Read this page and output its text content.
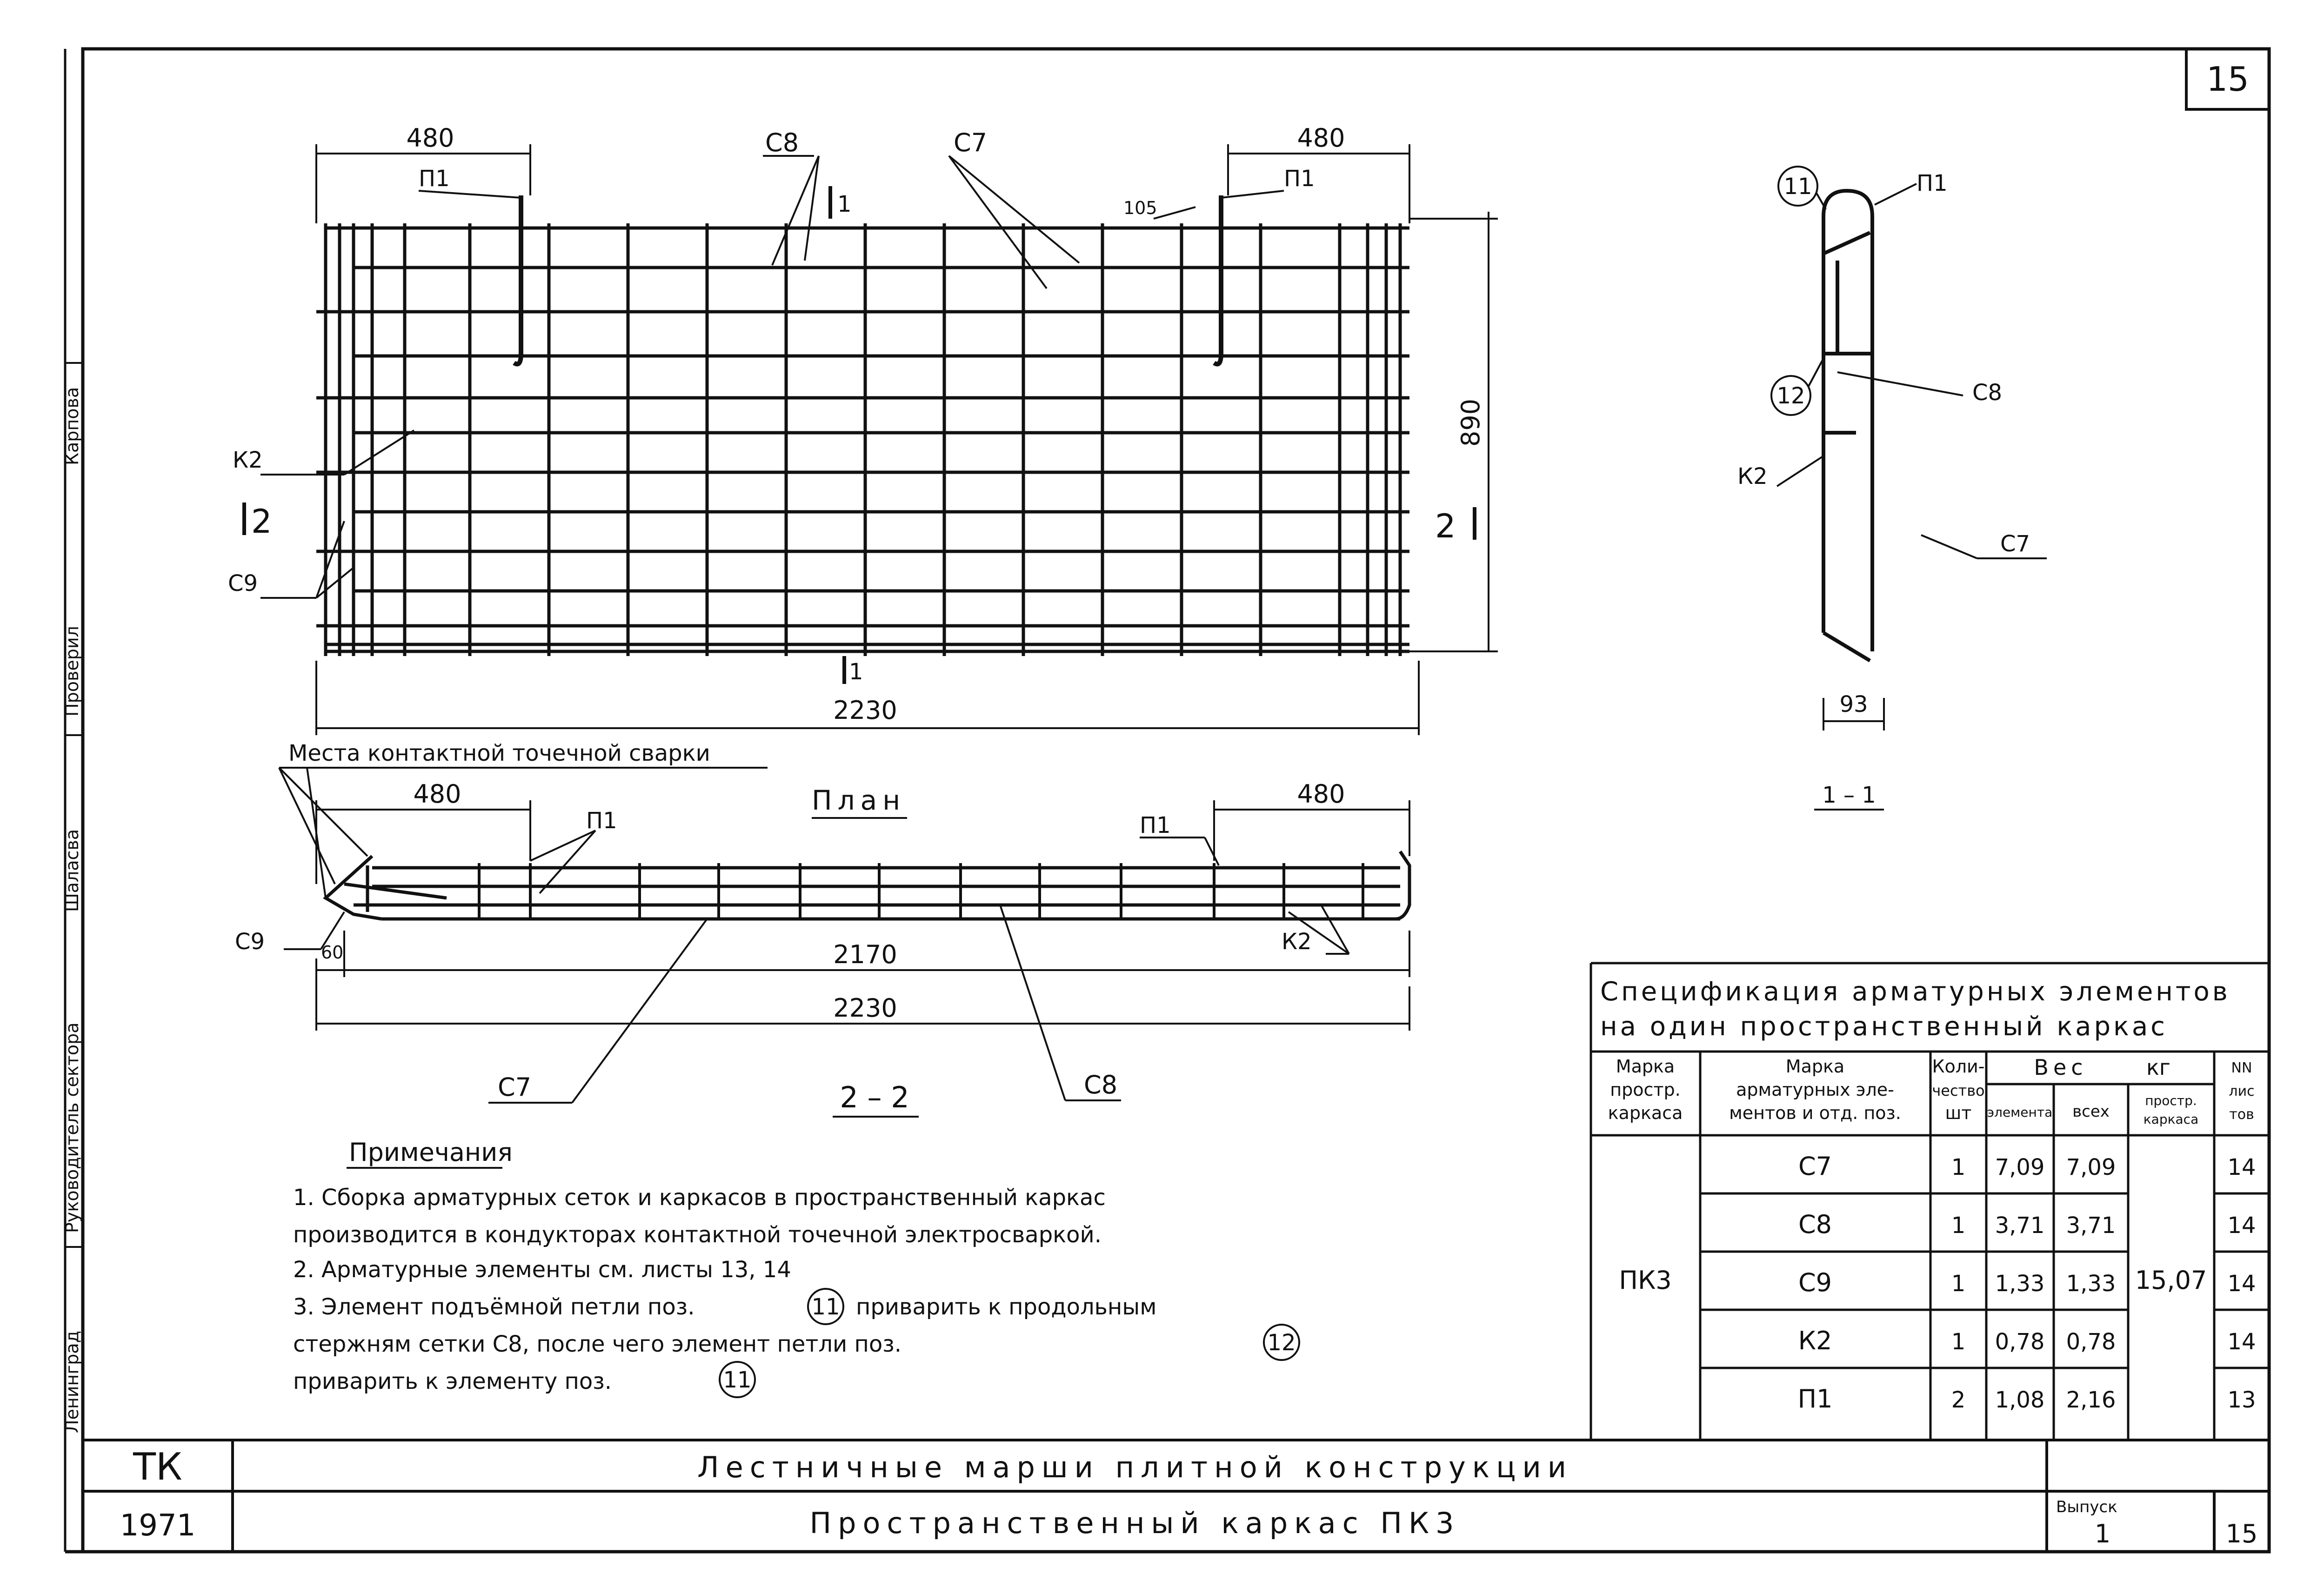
15
Ленинград
Руководитель сектора
Шаласва
Проверил
Карпова
480	480
П1	П1
С8	С7
105
890
2230
К2
С9
2	2
1
1
Места контактной точечной сварки
План
480	480
П1	П1
С9	60	2170	К2
2230
С7	С8
2 – 2
11	П1
12	С8
К2
С7
93
1 – 1
Примечания
1. Сборка арматурных сеток и каркасов в пространственный каркас
производится в кондукторах контактной точечной электросваркой.
2. Арматурные элементы см. листы 13, 14
3. Элемент подъёмной петли поз.	11 приварить к продольным
стержням сетки С8, после чего элемент петли поз.	12
приварить к элементу поз.	11
Спецификация арматурных элементов
на один пространственный каркас
Марка
простр.
каркаса
Марка
арматурных эле-
ментов и отд. поз.
Коли-
чество
шт
Вес	кг
элемента всех
простр.
каркаса
NN
лис
тов
ПК3	15,07
С7	1 7,09 7,09	14
С8	1 3,71 3,71	14
С9	1 1,33 1,33	14
К2	1 0,78 0,78	14
П1	2 1,08 2,16	13
ТК
1971
Лестничные марши плитной конструкции
Пространственный каркас ПК3	Выпуск
1	15
